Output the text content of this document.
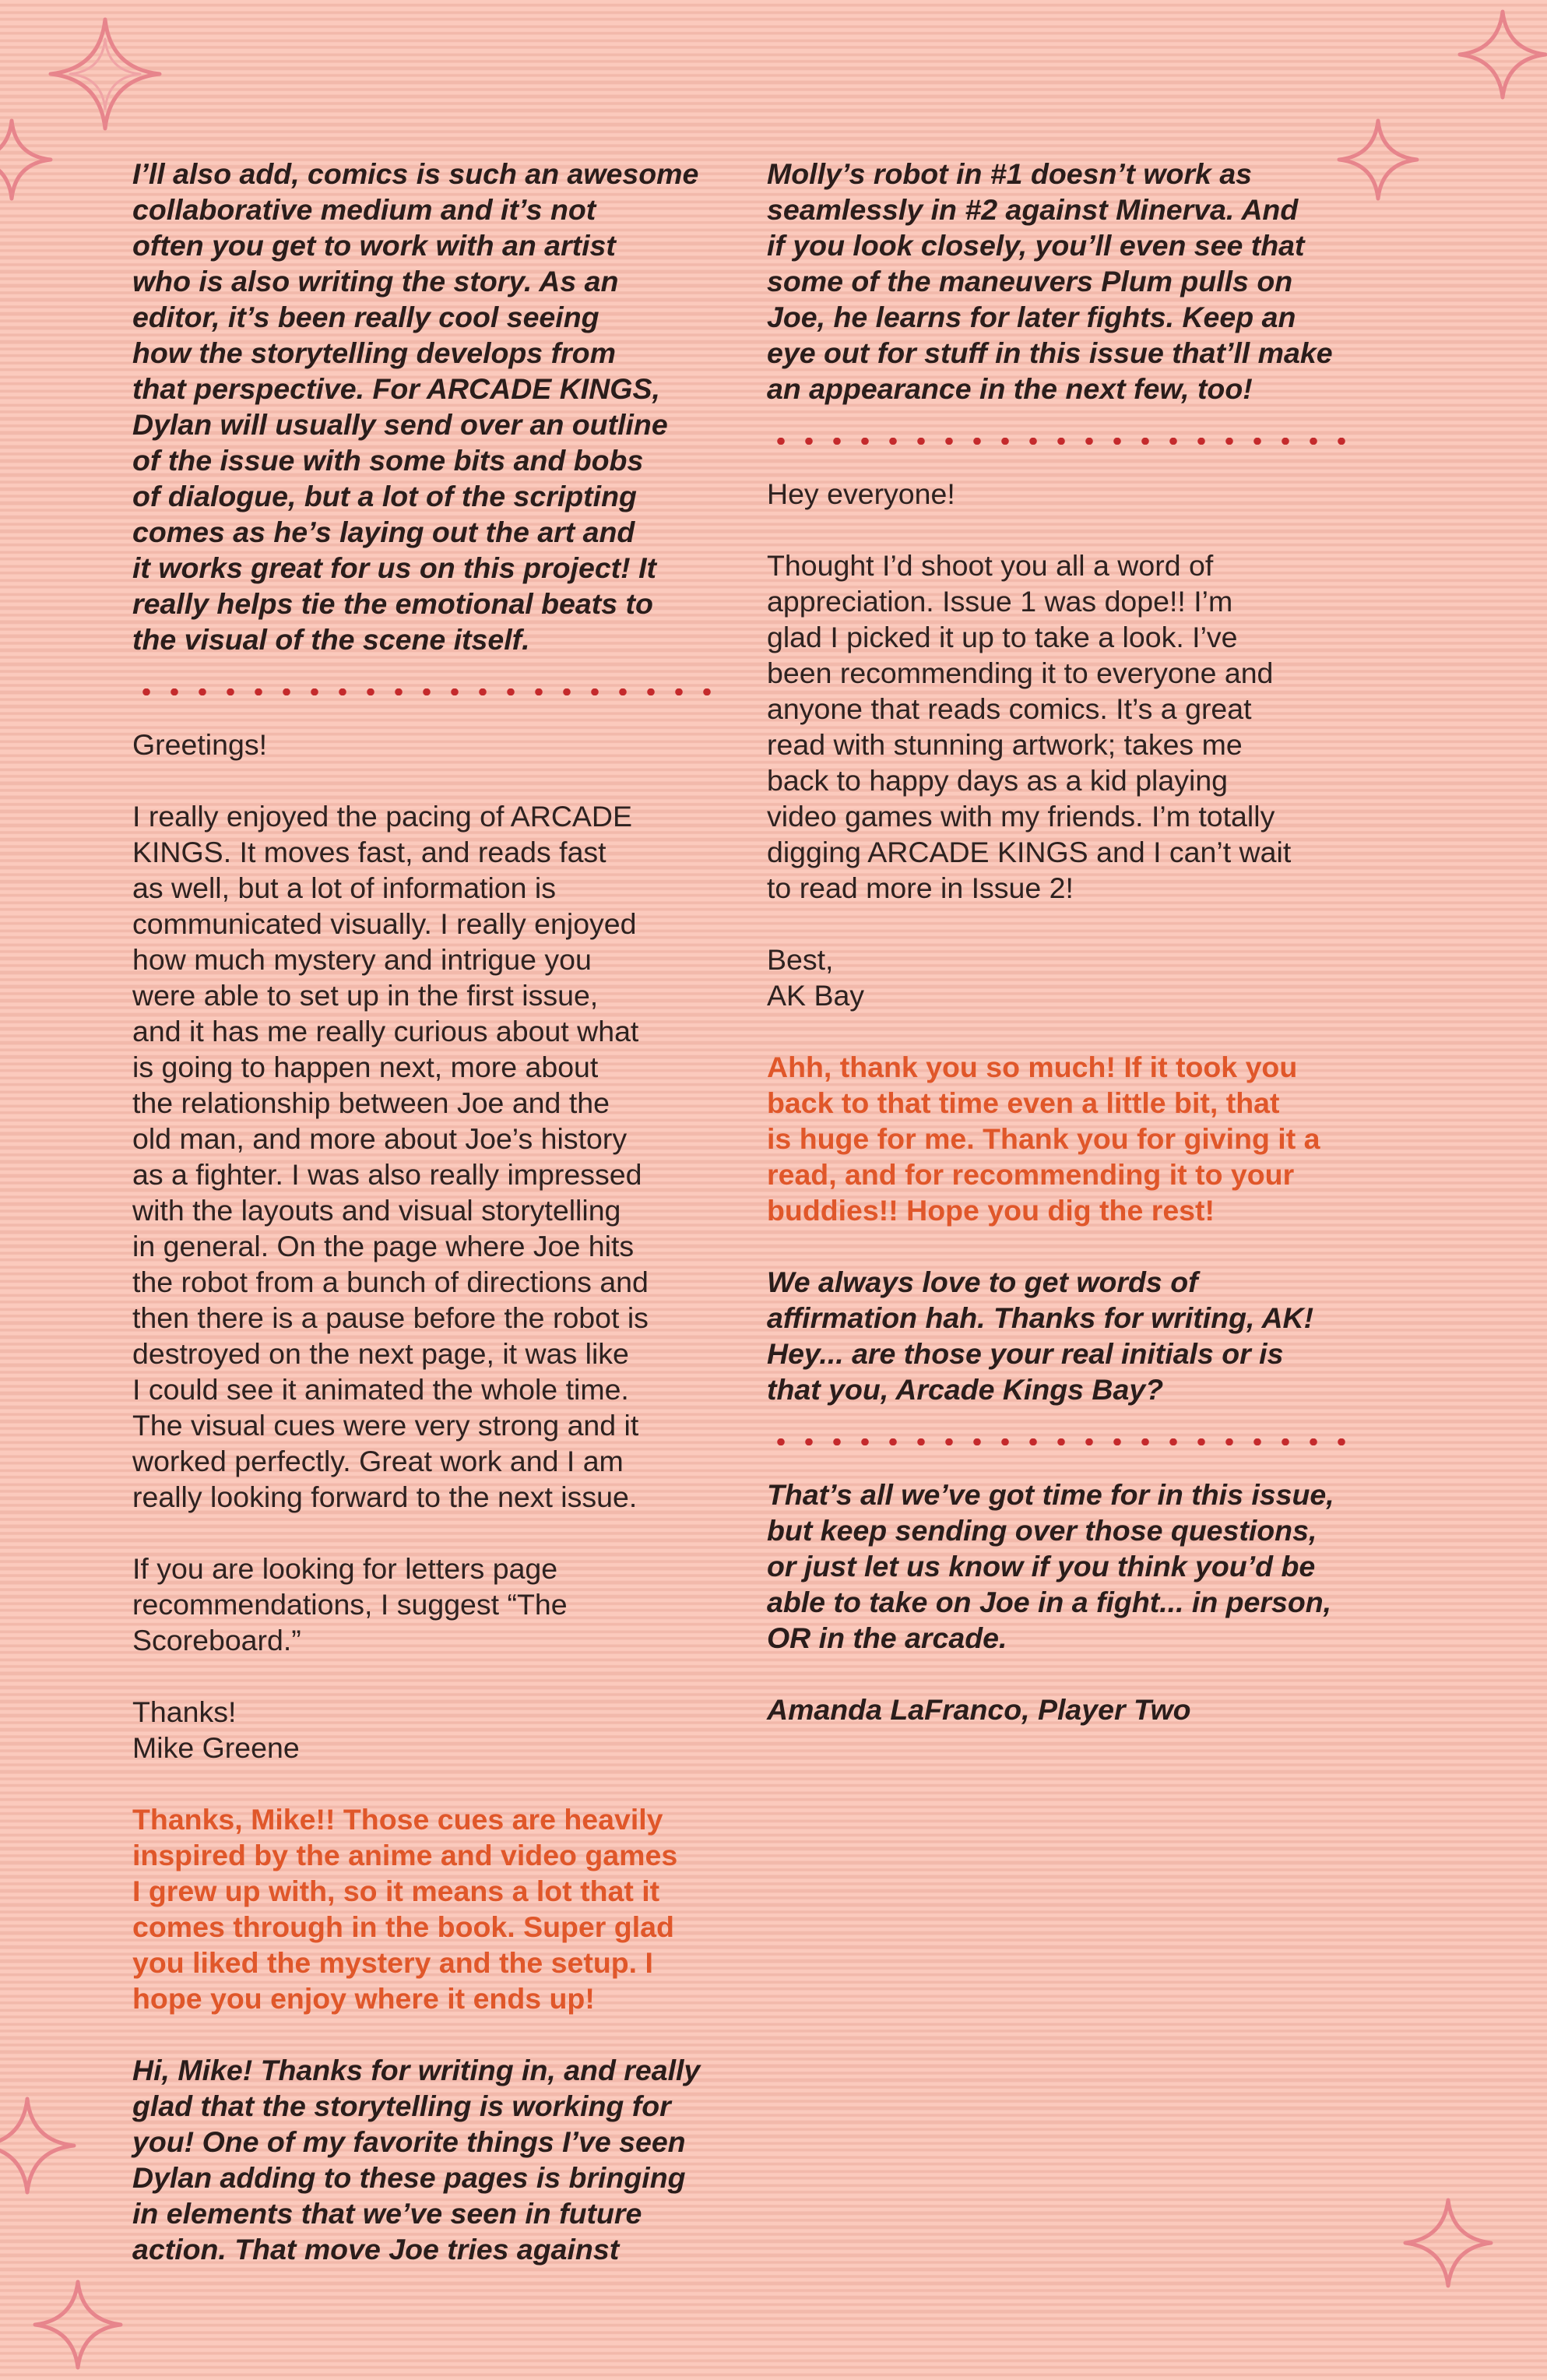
I’ll also add, comics is such an awesome
collaborative medium and it’s not
often you get to work with an artist
who is also writing the story. As an
editor, it’s been really cool seeing
how the storytelling develops from
that perspective. For ARCADE KINGS,
Dylan will usually send over an outline
of the issue with some bits and bobs
of dialogue, but a lot of the scripting
comes as he’s laying out the art and
it works great for us on this project! It
really helps tie the emotional beats to
the visual of the scene itself.

Greetings!

I really enjoyed the pacing of ARCADE
KINGS. It moves fast, and reads fast
as well, but a lot of information is
communicated visually. I really enjoyed
how much mystery and intrigue you
were able to set up in the first issue,
and it has me really curious about what
is going to happen next, more about
the relationship between Joe and the
old man, and more about Joe’s history
as a fighter. I was also really impressed
with the layouts and visual storytelling
in general. On the page where Joe hits
the robot from a bunch of directions and
then there is a pause before the robot is
destroyed on the next page, it was like
I could see it animated the whole time.
The visual cues were very strong and it
worked perfectly. Great work and I am
really looking forward to the next issue.

If you are looking for letters page
recommendations, I suggest “The
Scoreboard.”

Thanks!
Mike Greene

Thanks, Mike!! Those cues are heavily
inspired by the anime and video games
I grew up with, so it means a lot that it
comes through in the book. Super glad
you liked the mystery and the setup. I
hope you enjoy where it ends up!

Hi, Mike! Thanks for writing in, and really
glad that the storytelling is working for
you! One of my favorite things I’ve seen
Dylan adding to these pages is bringing
in elements that we’ve seen in future
action. That move Joe tries against

Molly’s robot in #1 doesn’t work as
seamlessly in #2 against Minerva. And
if you look closely, you’ll even see that
some of the maneuvers Plum pulls on
Joe, he learns for later fights. Keep an
eye out for stuff in this issue that’ll make
an appearance in the next few, too!

Hey everyone!

Thought I’d shoot you all a word of
appreciation. Issue 1 was dope!! I’m
glad I picked it up to take a look. I’ve
been recommending it to everyone and
anyone that reads comics. It’s a great
read with stunning artwork; takes me
back to happy days as a kid playing
video games with my friends. I’m totally
digging ARCADE KINGS and I can’t wait
to read more in Issue 2!

Best,
AK Bay

Ahh, thank you so much! If it took you
back to that time even a little bit, that
is huge for me. Thank you for giving it a
read, and for recommending it to your
buddies!! Hope you dig the rest!

We always love to get words of
affirmation hah. Thanks for writing, AK!
Hey... are those your real initials or is
that you, Arcade Kings Bay?

That’s all we’ve got time for in this issue,
but keep sending over those questions,
or just let us know if you think you’d be
able to take on Joe in a fight... in person,
OR in the arcade.

Amanda LaFranco, Player Two
